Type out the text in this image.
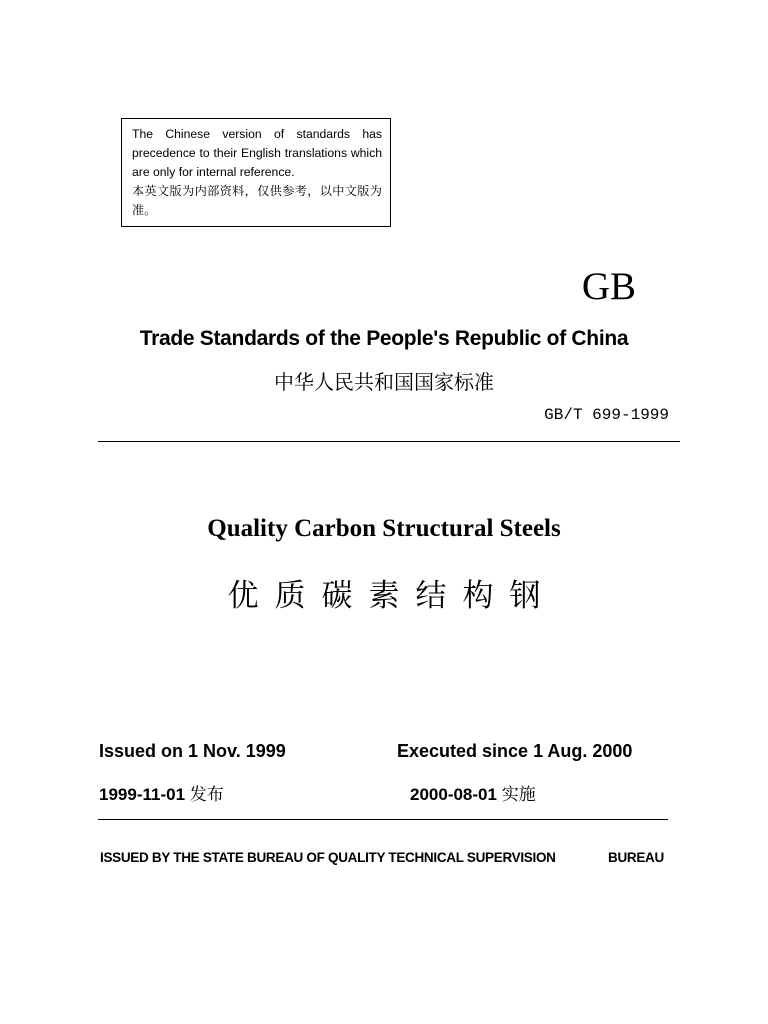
The Chinese version of standards has precedence to their English translations which are only for internal reference.
本英文版为内部资料，仅供参考，以中文版为准。
GB
Trade Standards of the People's Republic of China
中华人民共和国国家标准
GB/T 699-1999
Quality Carbon Structural Steels
优质碳素结构钢
Issued on 1 Nov. 1999	Executed since 1 Aug. 2000
1999-11-01 发布	2000-08-01 实施
ISSUED BY THE STATE BUREAU OF QUALITY TECHNICAL SUPERVISION	BUREAU
